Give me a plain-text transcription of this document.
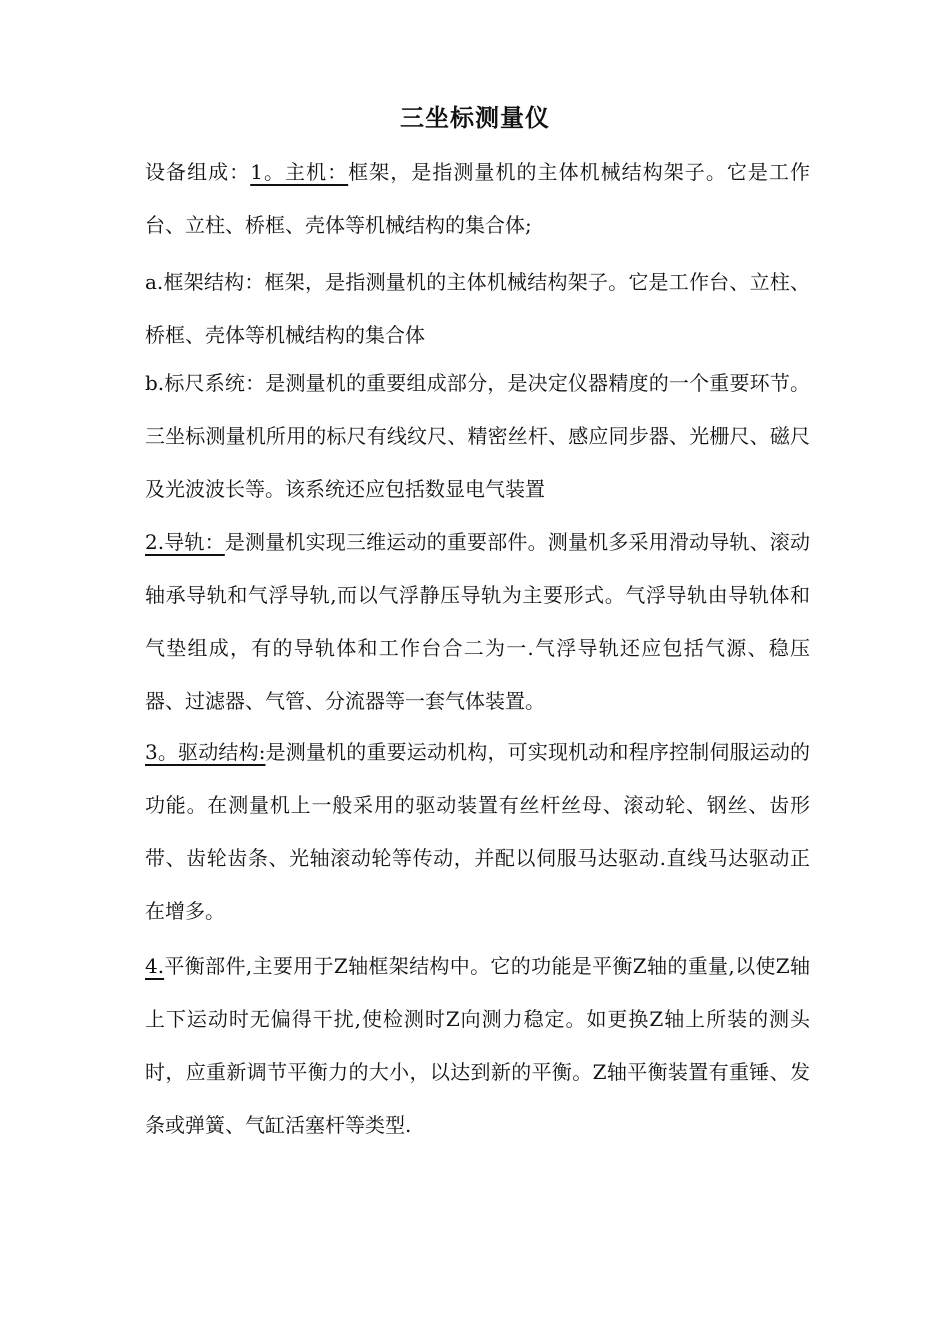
三坐标测量仪
设备组成：1。主机：框架，是指测量机的主体机械结构架子。它是工作台、立柱、桥框、壳体等机械结构的集合体;
a.框架结构：框架，是指测量机的主体机械结构架子。它是工作台、立柱、桥框、壳体等机械结构的集合体
b.标尺系统：是测量机的重要组成部分，是决定仪器精度的一个重要环节。三坐标测量机所用的标尺有线纹尺、精密丝杆、感应同步器、光栅尺、磁尺及光波波长等。该系统还应包括数显电气装置
2.导轨：是测量机实现三维运动的重要部件。测量机多采用滑动导轨、滚动轴承导轨和气浮导轨,而以气浮静压导轨为主要形式。气浮导轨由导轨体和气垫组成，有的导轨体和工作台合二为一.气浮导轨还应包括气源、稳压器、过滤器、气管、分流器等一套气体装置。
3。驱动结构:是测量机的重要运动机构，可实现机动和程序控制伺服运动的功能。在测量机上一般采用的驱动装置有丝杆丝母、滚动轮、钢丝、齿形带、齿轮齿条、光轴滚动轮等传动，并配以伺服马达驱动.直线马达驱动正在增多。
4.平衡部件,主要用于Z轴框架结构中。它的功能是平衡Z轴的重量,以使Z轴上下运动时无偏得干扰,使检测时Z向测力稳定。如更换Z轴上所装的测头时，应重新调节平衡力的大小，以达到新的平衡。Z轴平衡装置有重锤、发条或弹簧、气缸活塞杆等类型.
